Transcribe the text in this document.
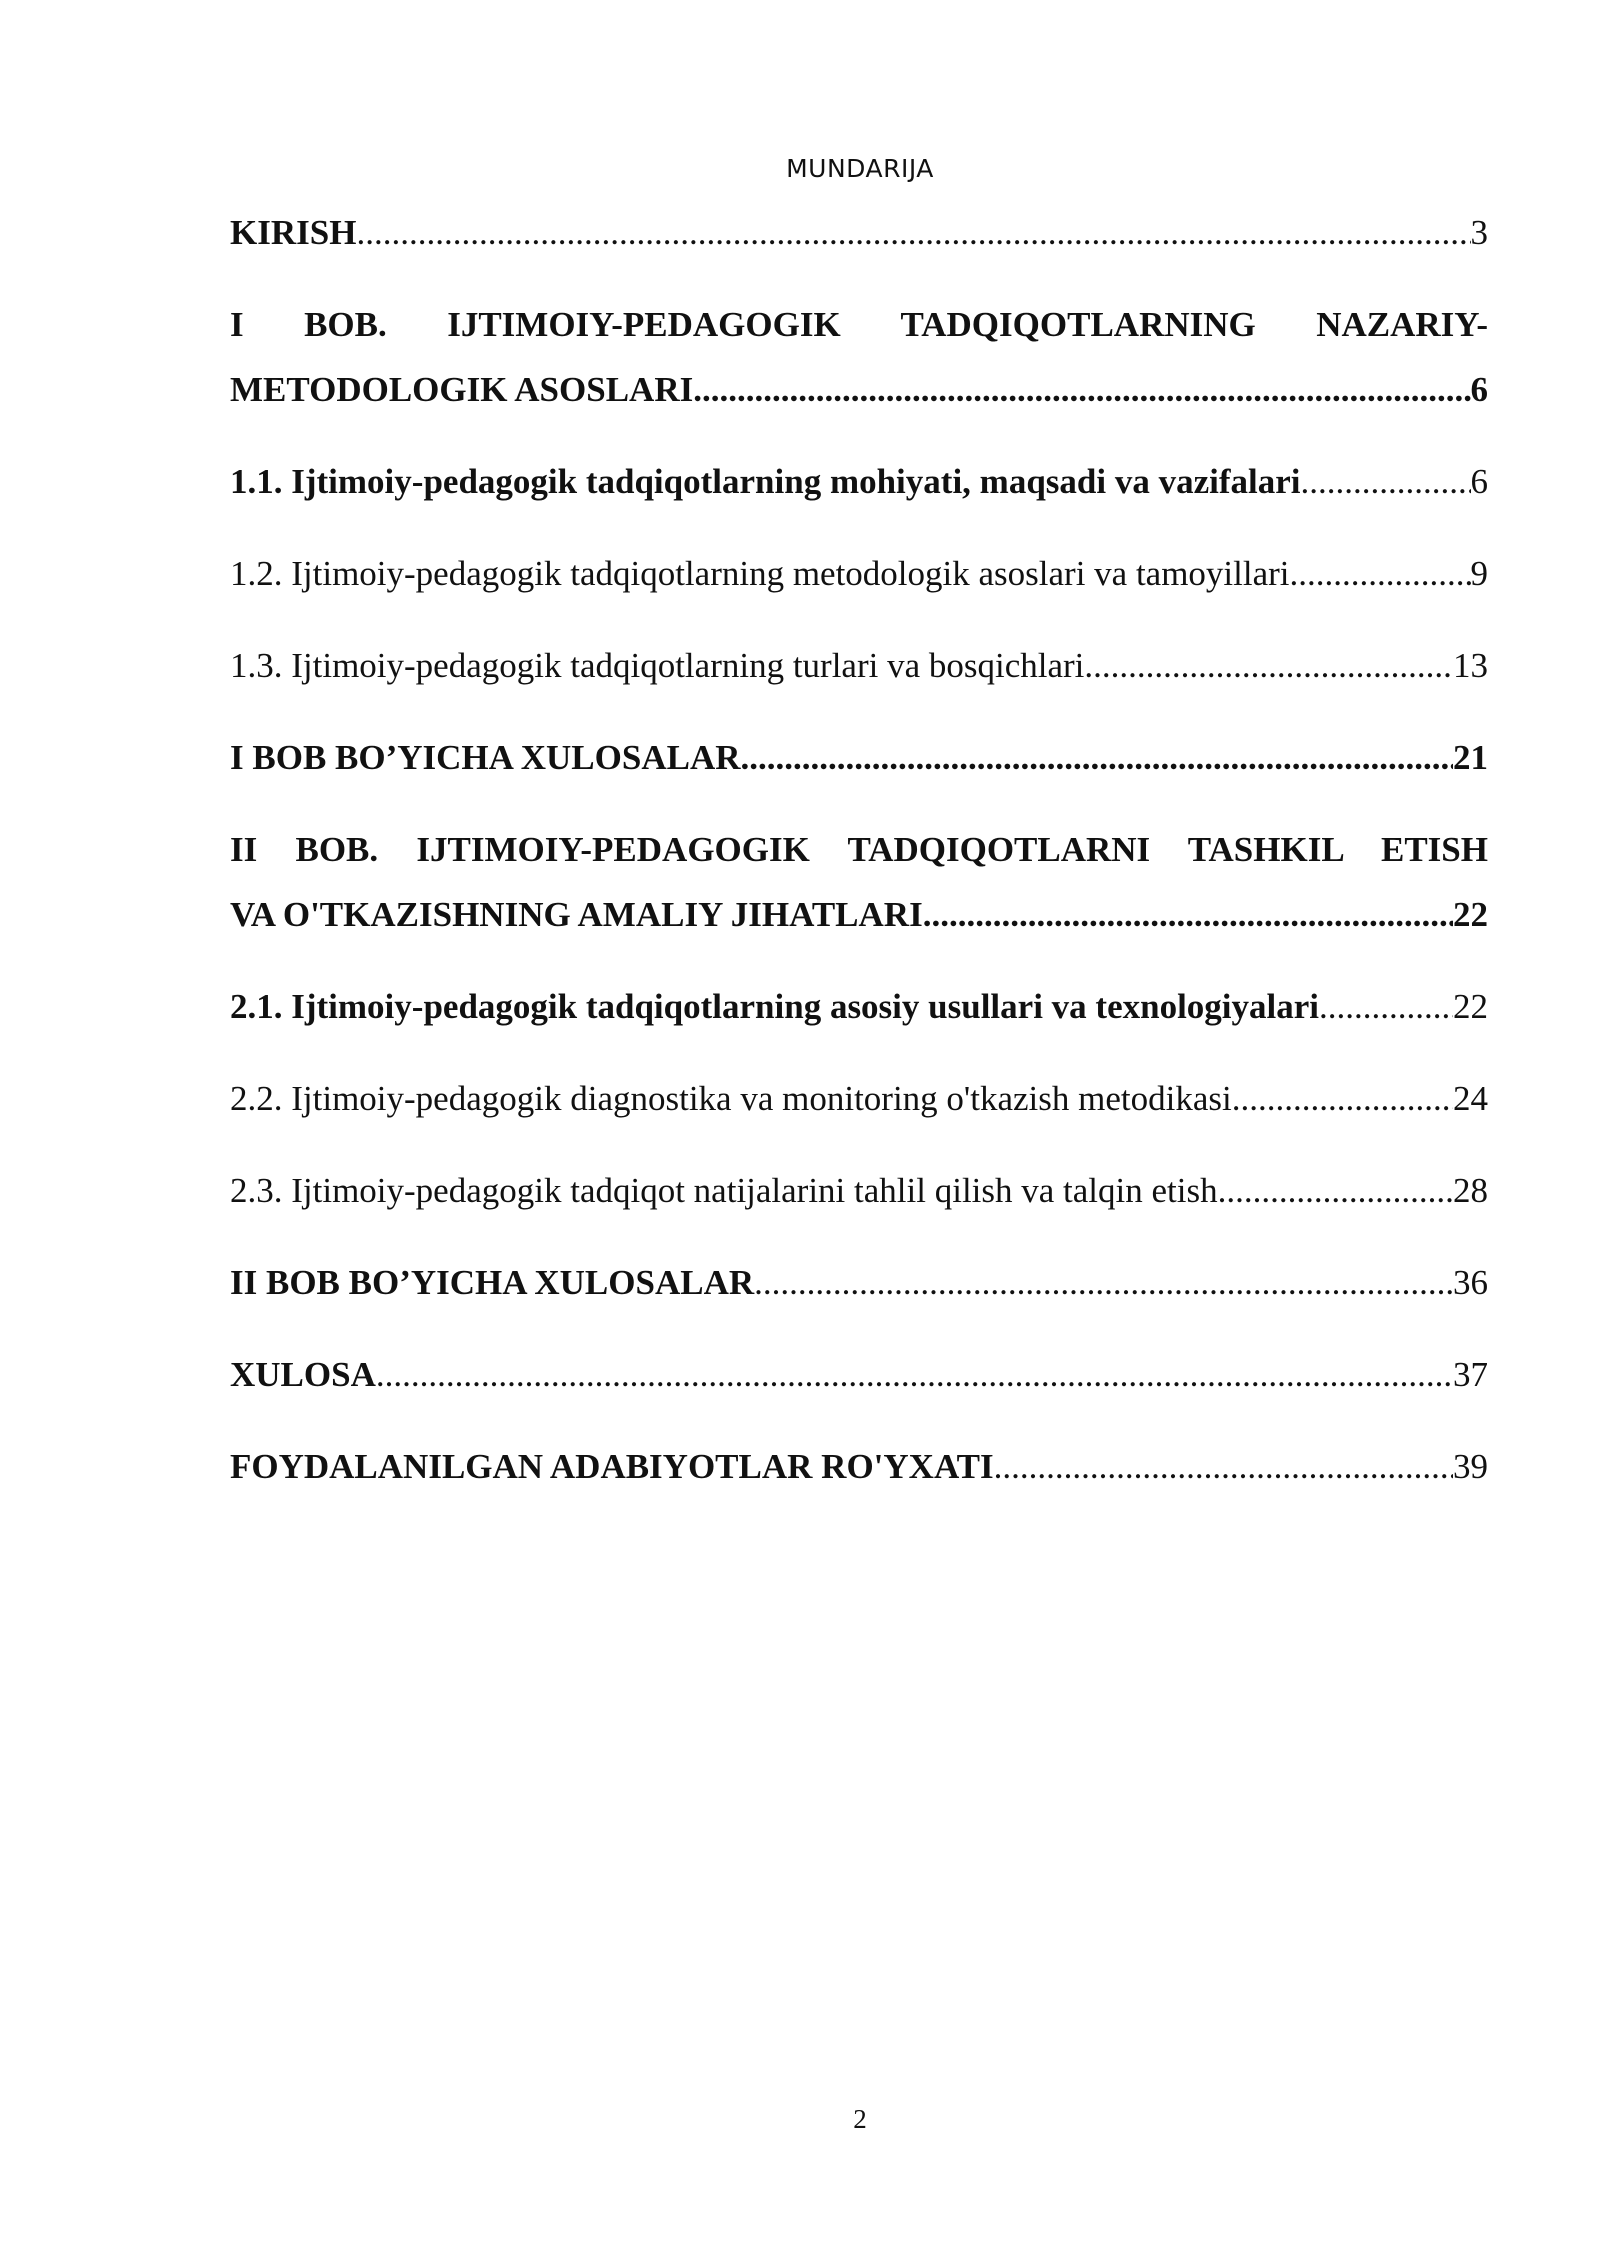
MUNDARIJA
KIRISH .....	3
I BOB. IJTIMOIY-PEDAGOGIK TADQIQOTLARNING NAZARIY-
METODOLOGIK ASOSLARI .....	6
1.1. Ijtimoiy-pedagogik tadqiqotlarning mohiyati, maqsadi va vazifalari .....	6
1.2. Ijtimoiy-pedagogik tadqiqotlarning metodologik asoslari va tamoyillari .....	9
1.3. Ijtimoiy-pedagogik tadqiqotlarning turlari va bosqichlari .....	13
I BOB BO’YICHA XULOSALAR .....	21
II BOB. IJTIMOIY-PEDAGOGIK TADQIQOTLARNI TASHKIL ETISH
VA O'TKAZISHNING AMALIY JIHATLARI .....	22
2.1. Ijtimoiy-pedagogik tadqiqotlarning asosiy usullari va texnologiyalari .....	22
2.2. Ijtimoiy-pedagogik diagnostika va monitoring o'tkazish metodikasi .....	24
2.3. Ijtimoiy-pedagogik tadqiqot natijalarini tahlil qilish va talqin etish .....	28
II BOB BO’YICHA XULOSALAR .....	36
XULOSA .....	37
FOYDALANILGAN ADABIYOTLAR RO'YXATI .....	39
2
